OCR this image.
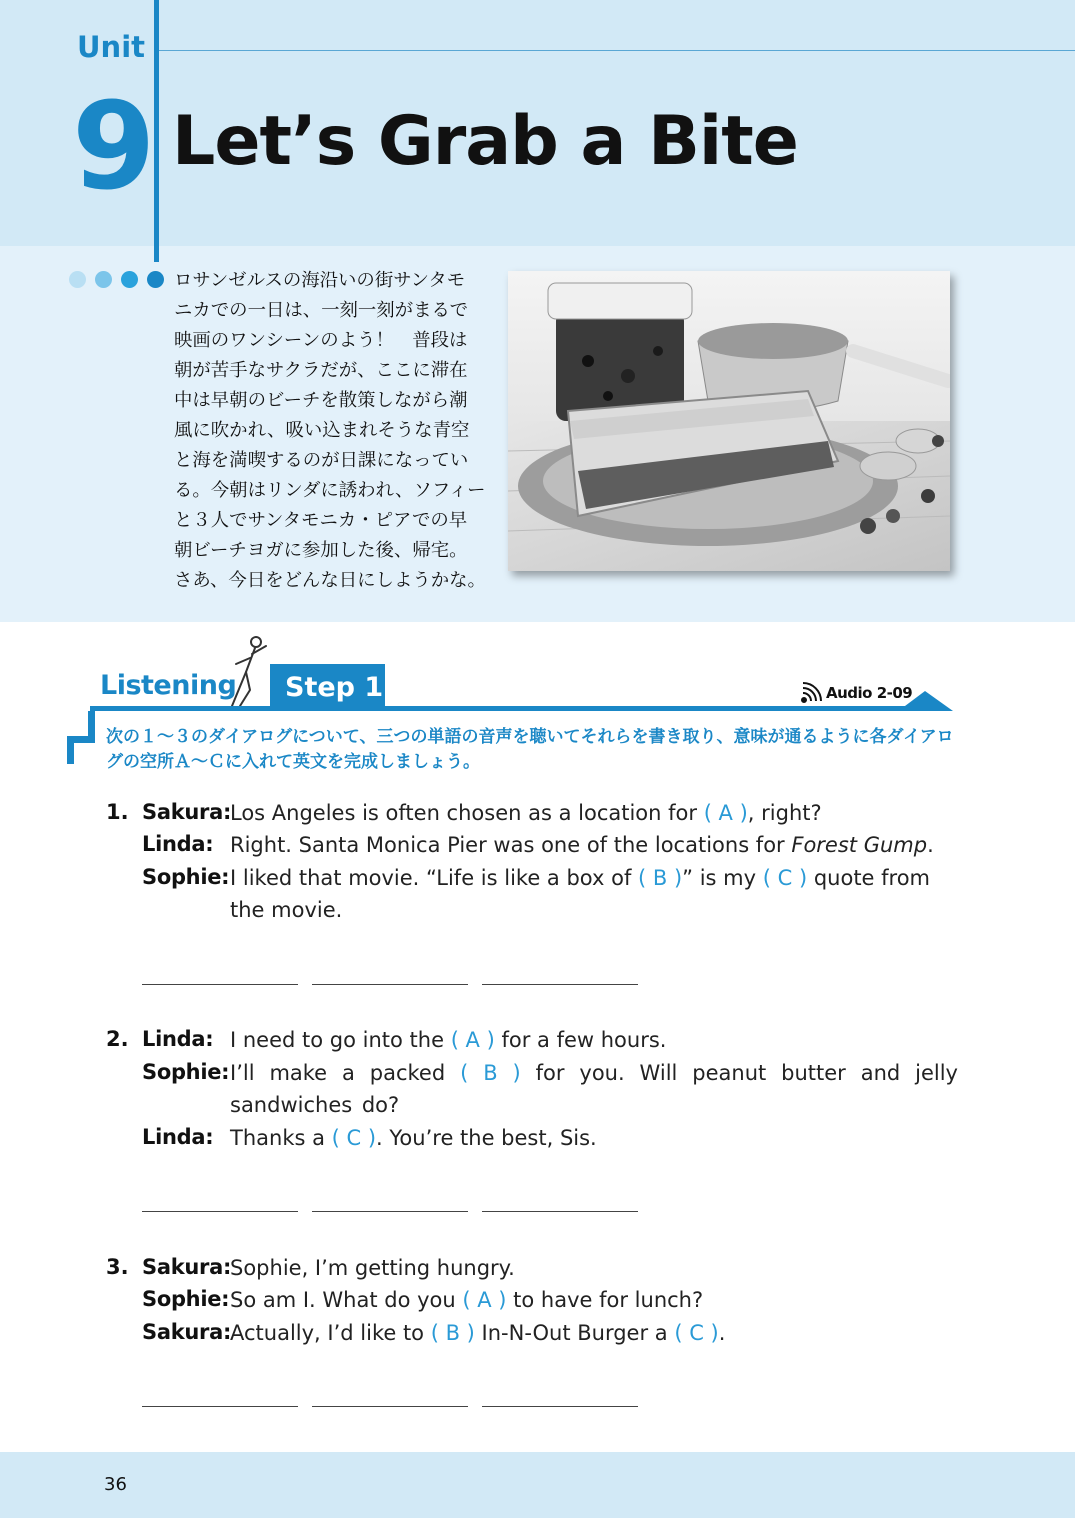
Unit
9 Let’s Grab a Bite

ロサンゼルスの海沿いの街サンタモ

ニカでの一日は、一刻一刻がまるで

映画のワンシーンのよう！　普段は

朝が苦手なサクラだが、ここに滞在

中は早朝のビーチを散策しながら潮

風に吹かれ、吸い込まれそうな青空

と海を満喫するのが日課になってい

る。今朝はリンダに誘われ、ソフィー

と３人でサンタモニカ・ピアでの早

朝ビーチヨガに参加した後、帰宅。

さあ、今日をどんな日にしようかな。

Listening Step 1	Audio 2-09
次の１～３のダイアログについて、三つの単語の音声を聴いてそれらを書き取り、意味が通るように各ダイアログの空所Ａ～Ｃに入れて英文を完成しましょう。
1. Sakura:
Los Angeles is often chosen as a location for ( A ), right?
Linda: Right. Santa Monica Pier was one of the locations for Forest Gump.
Sophie: I liked that movie. “Life is like a box of ( B )” is my ( C ) quote from the movie.
2. Linda: I need to go into the ( A ) for a few hours.
Sophie: I’ll make a packed ( B ) for you. Will peanut butter and jelly sandwiches do?
Linda: Thanks a ( C ). You’re the best, Sis.
3. Sakura:
Sophie, I’m getting hungry.
Sophie: So am I. What do you ( A ) to have for lunch?
Sakura:
Actually, I’d like to ( B ) In-N-Out Burger a ( C ).
36
